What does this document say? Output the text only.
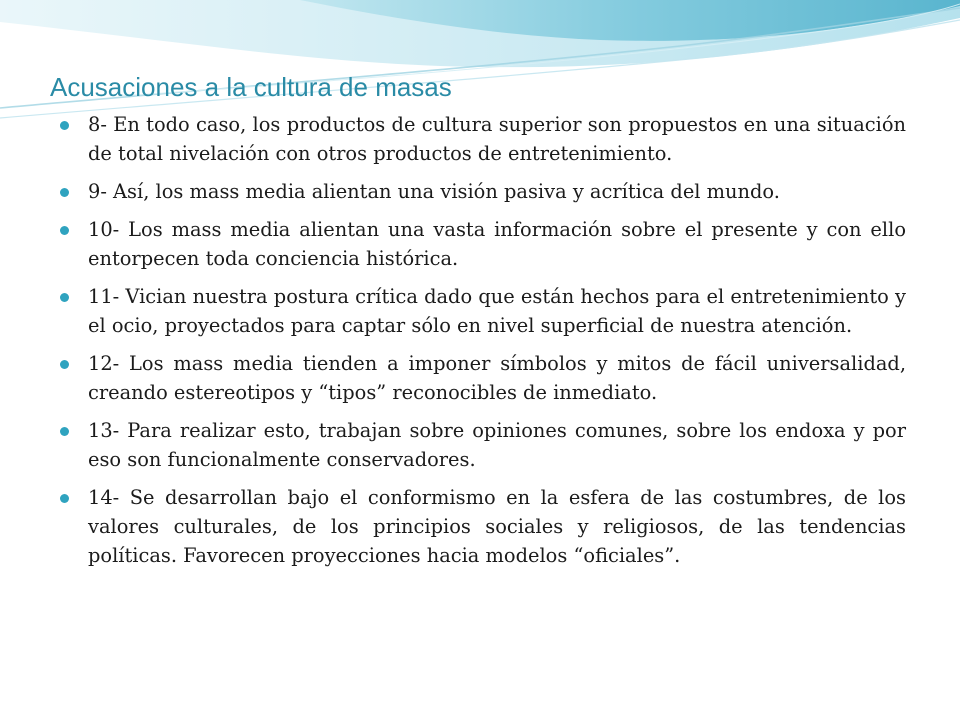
Acusaciones a la cultura de masas
8- En todo caso, los productos de cultura superior son propuestos en una situación de total nivelación con otros productos de entretenimiento.
9- Así, los mass media alientan una visión pasiva y acrítica del mundo.
10- Los mass media alientan una vasta información sobre el presente y con ello entorpecen toda conciencia histórica.
11- Vician nuestra postura crítica dado que están hechos para el entretenimiento y el ocio, proyectados para captar sólo en nivel superficial de nuestra atención.
12- Los mass media tienden a imponer símbolos y mitos de fácil universalidad, creando estereotipos y “tipos” reconocibles de inmediato.
13- Para realizar esto, trabajan sobre opiniones comunes, sobre los endoxa y por eso son funcionalmente conservadores.
14- Se desarrollan bajo el conformismo en la esfera de las costumbres, de los valores culturales, de los principios sociales y religiosos, de las tendencias políticas. Favorecen proyecciones hacia modelos “oficiales”.
